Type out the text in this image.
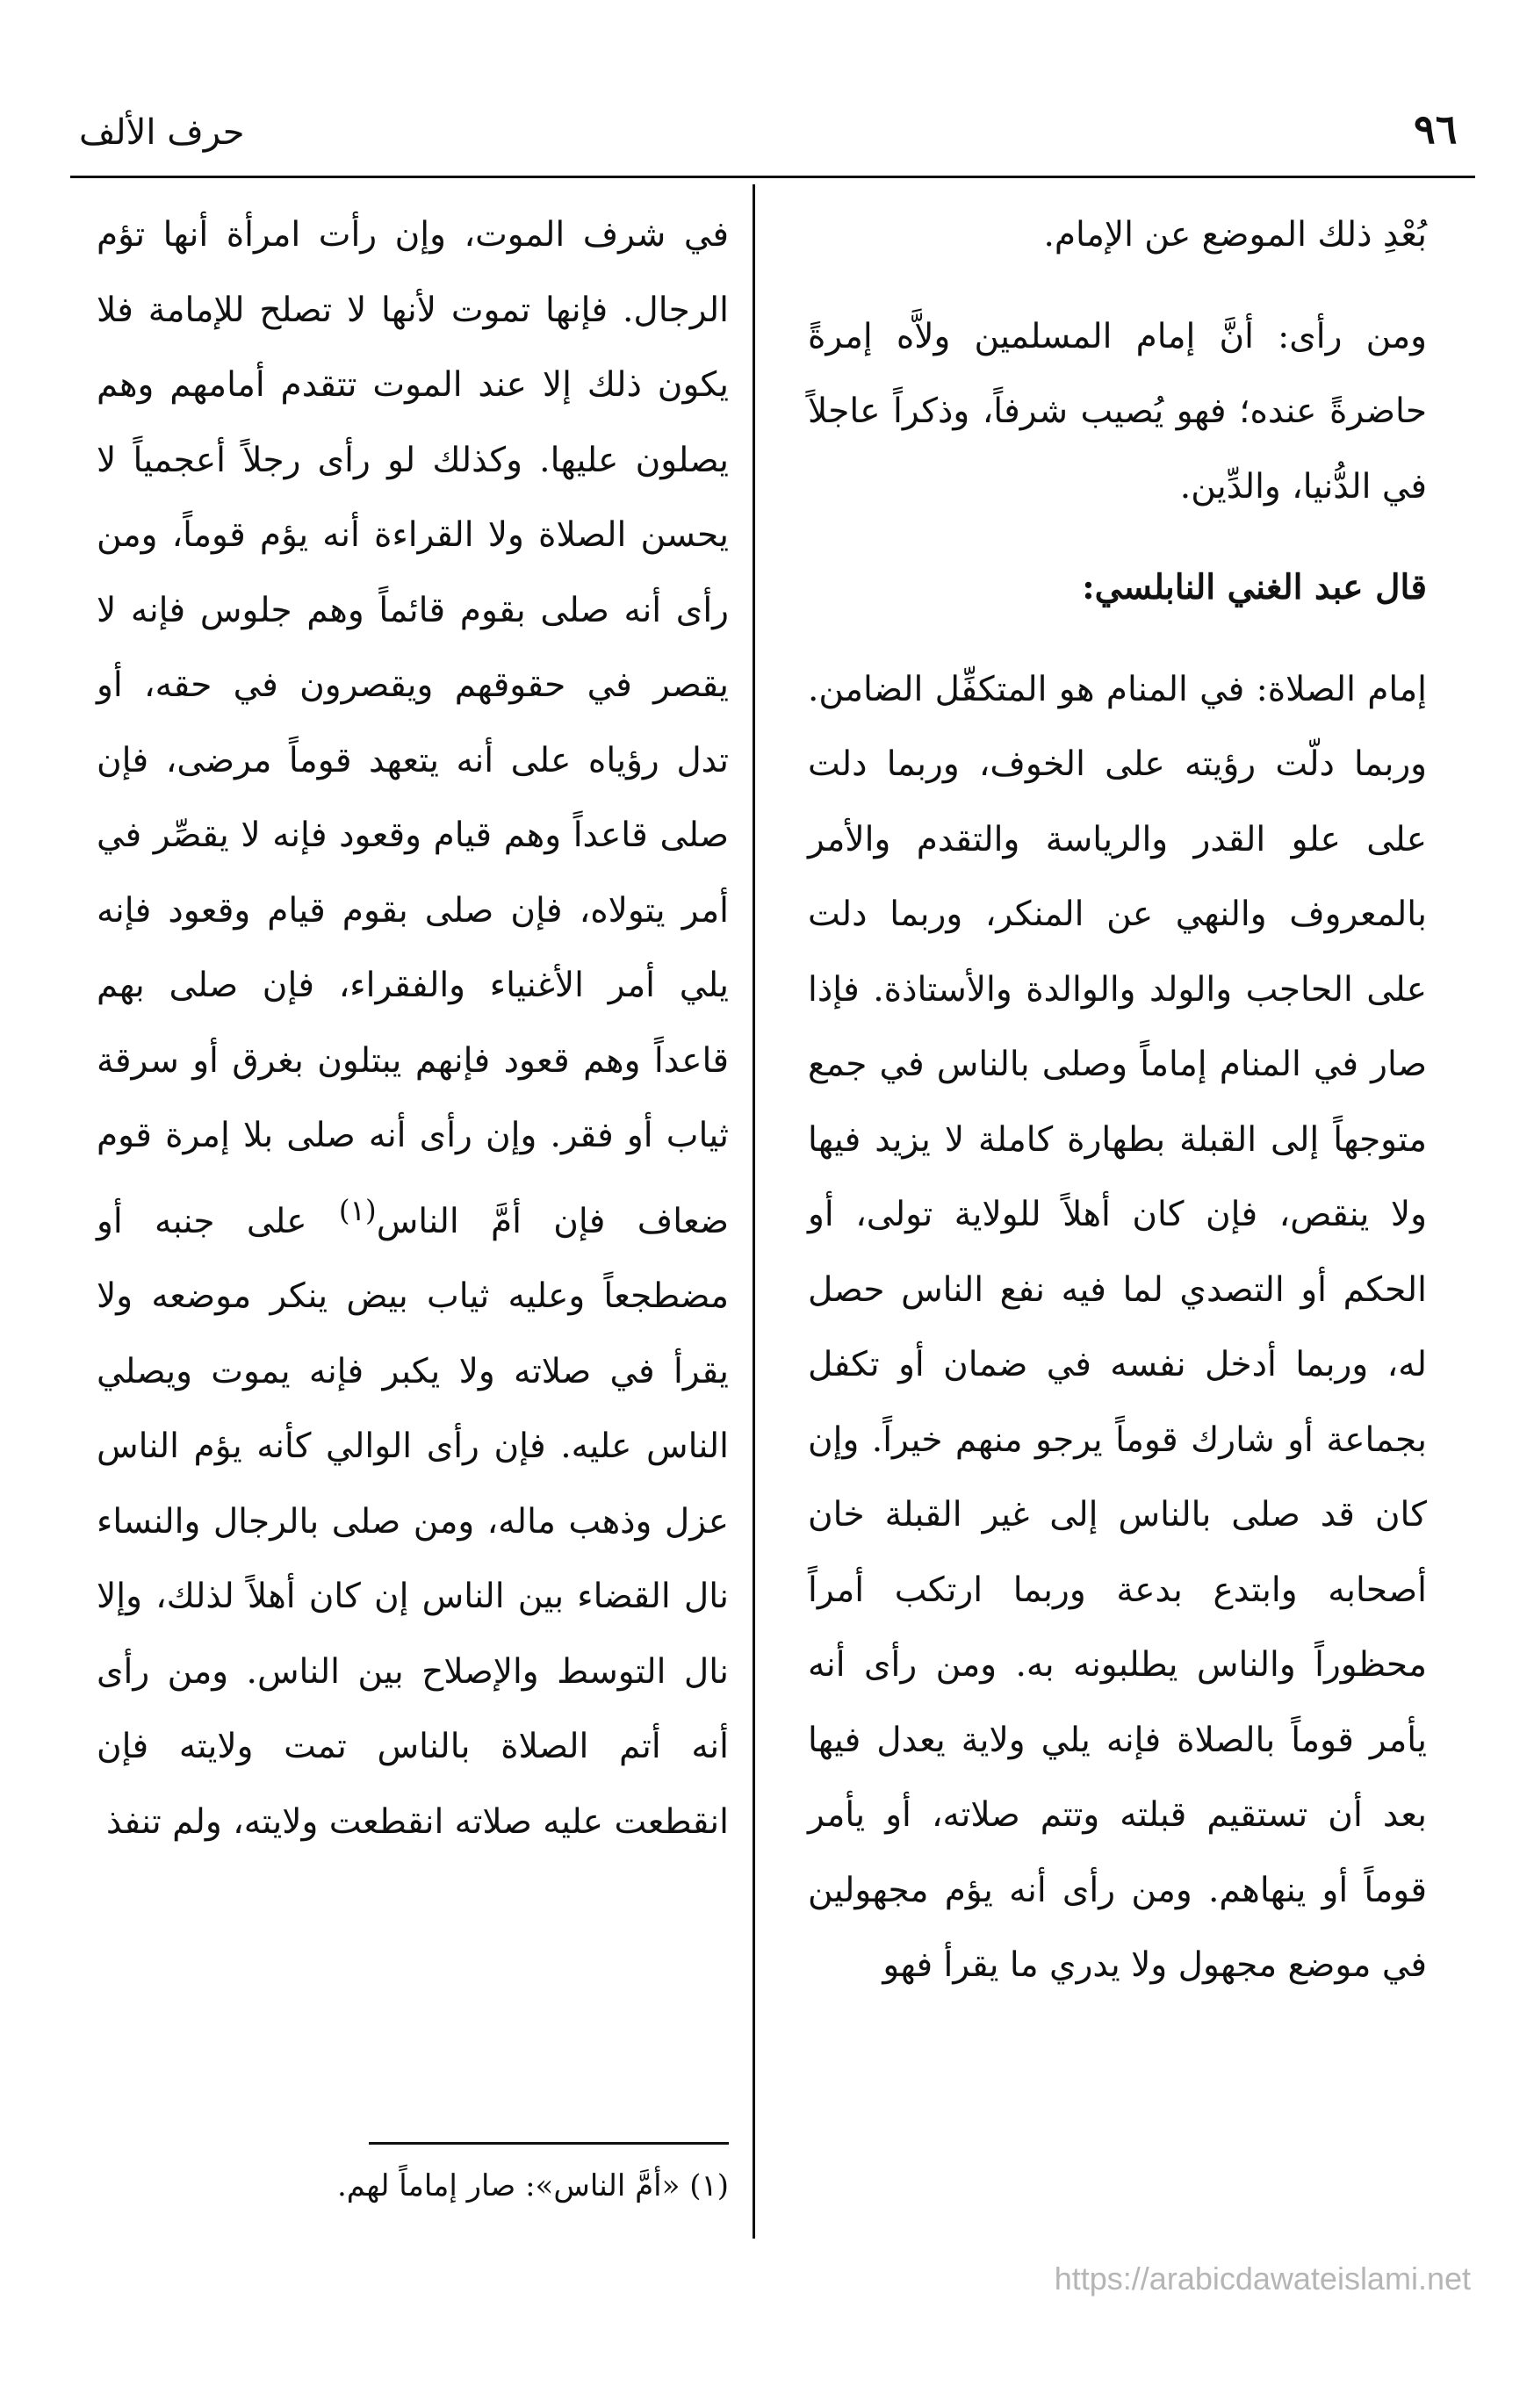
٩٦
حرف الألف

بُعْدِ ذلك الموضع عن الإمام.

ومن رأى: أنَّ إمام المسلمين ولاَّه إمرةً حاضرةً عنده؛ فهو يُصيب شرفاً، وذكراً عاجلاً في الدُّنيا، والدِّين.

قال عبد الغني النابلسي:

إمام الصلاة: في المنام هو المتكفِّل الضامن. وربما دلّت رؤيته على الخوف، وربما دلت على علو القدر والرياسة والتقدم والأمر بالمعروف والنهي عن المنكر، وربما دلت على الحاجب والولد والوالدة والأستاذة. فإذا صار في المنام إماماً وصلى بالناس في جمع متوجهاً إلى القبلة بطهارة كاملة لا يزيد فيها ولا ينقص، فإن كان أهلاً للولاية تولى، أو الحكم أو التصدي لما فيه نفع الناس حصل له، وربما أدخل نفسه في ضمان أو تكفل بجماعة أو شارك قوماً يرجو منهم خيراً. وإن كان قد صلى بالناس إلى غير القبلة خان أصحابه وابتدع بدعة وربما ارتكب أمراً محظوراً والناس يطلبونه به. ومن رأى أنه يأمر قوماً بالصلاة فإنه يلي ولاية يعدل فيها بعد أن تستقيم قبلته وتتم صلاته، أو يأمر قوماً أو ينهاهم. ومن رأى أنه يؤم مجهولين في موضع مجهول ولا يدري ما يقرأ فهو

في شرف الموت، وإن رأت امرأة أنها تؤم الرجال. فإنها تموت لأنها لا تصلح للإمامة فلا يكون ذلك إلا عند الموت تتقدم أمامهم وهم يصلون عليها. وكذلك لو رأى رجلاً أعجمياً لا يحسن الصلاة ولا القراءة أنه يؤم قوماً، ومن رأى أنه صلى بقوم قائماً وهم جلوس فإنه لا يقصر في حقوقهم ويقصرون في حقه، أو تدل رؤياه على أنه يتعهد قوماً مرضى، فإن صلى قاعداً وهم قيام وقعود فإنه لا يقصِّر في أمر يتولاه، فإن صلى بقوم قيام وقعود فإنه يلي أمر الأغنياء والفقراء، فإن صلى بهم قاعداً وهم قعود فإنهم يبتلون بغرق أو سرقة ثياب أو فقر. وإن رأى أنه صلى بلا إمرة قوم ضعاف فإن أمَّ الناس$^{(١)}$ على جنبه أو مضطجعاً وعليه ثياب بيض ينكر موضعه ولا يقرأ في صلاته ولا يكبر فإنه يموت ويصلي الناس عليه. فإن رأى الوالي كأنه يؤم الناس عزل وذهب ماله، ومن صلى بالرجال والنساء نال القضاء بين الناس إن كان أهلاً لذلك، وإلا نال التوسط والإصلاح بين الناس. ومن رأى أنه أتم الصلاة بالناس تمت ولايته فإن انقطعت عليه صلاته انقطعت ولايته، ولم تنفذ

(١) «أمَّ الناس»: صار إماماً لهم.
https://arabicdawateislami.net
